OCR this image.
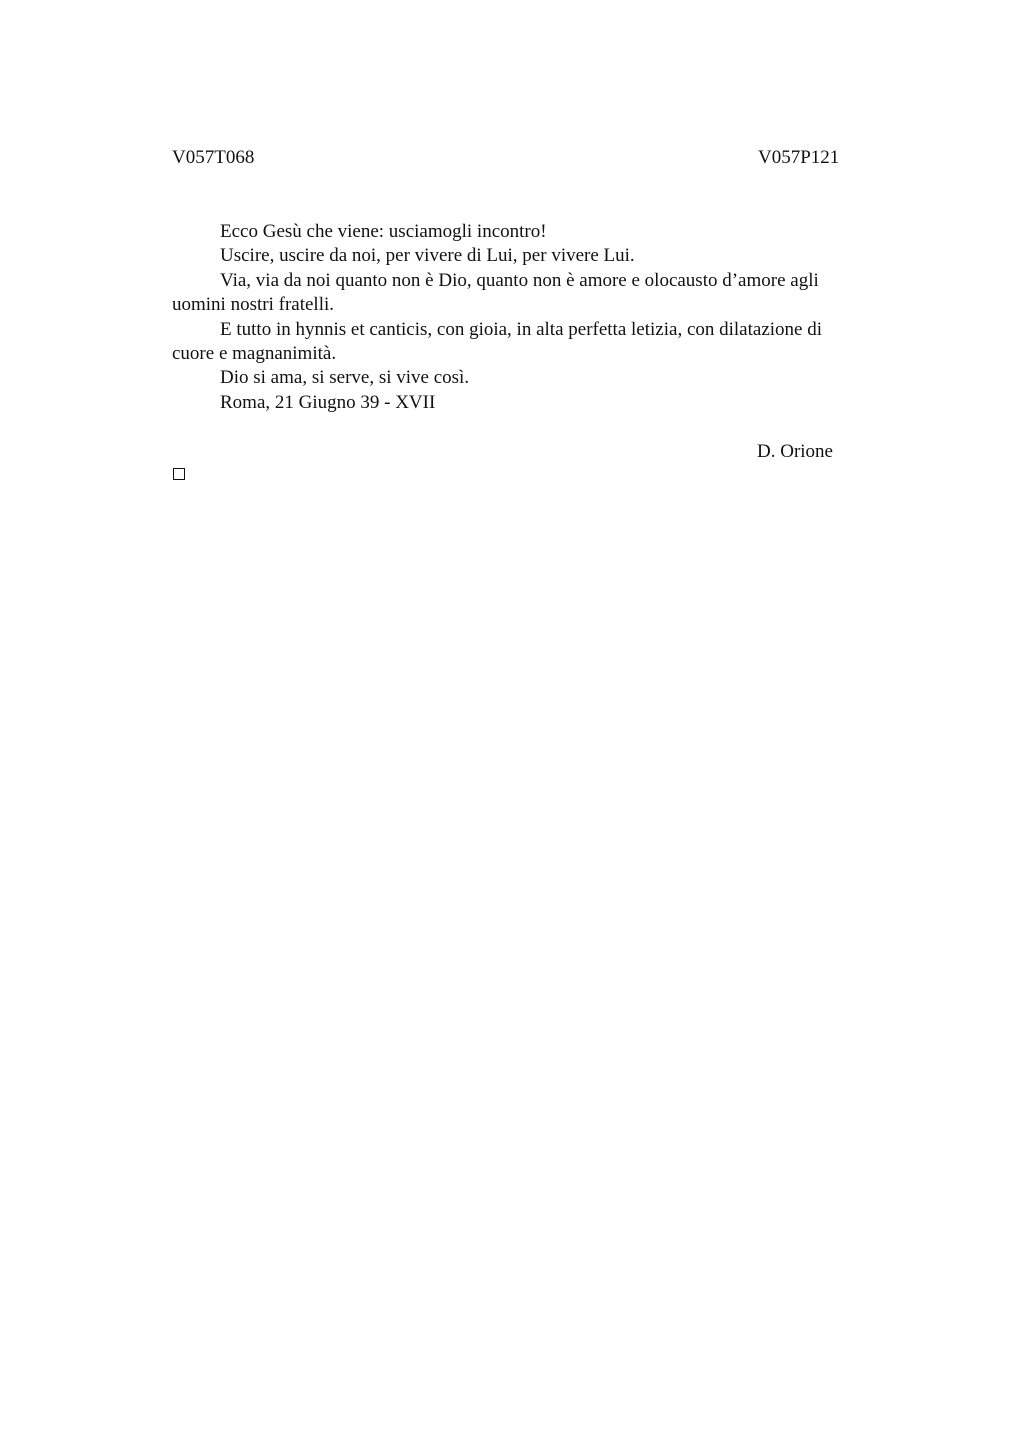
V057T068	V057P121

Ecco Gesù che viene: usciamogli incontro!

Uscire, uscire da noi, per vivere di Lui, per vivere Lui.

Via, via da noi quanto non è Dio, quanto non è amore e olocausto d’amore agli uomini nostri fratelli.

E tutto in hynnis et canticis, con gioia, in alta perfetta letizia, con dilatazione di cuore e magnanimità.

Dio si ama, si serve, si vive così.

Roma, 21 Giugno 39 - XVII

D. Orione
